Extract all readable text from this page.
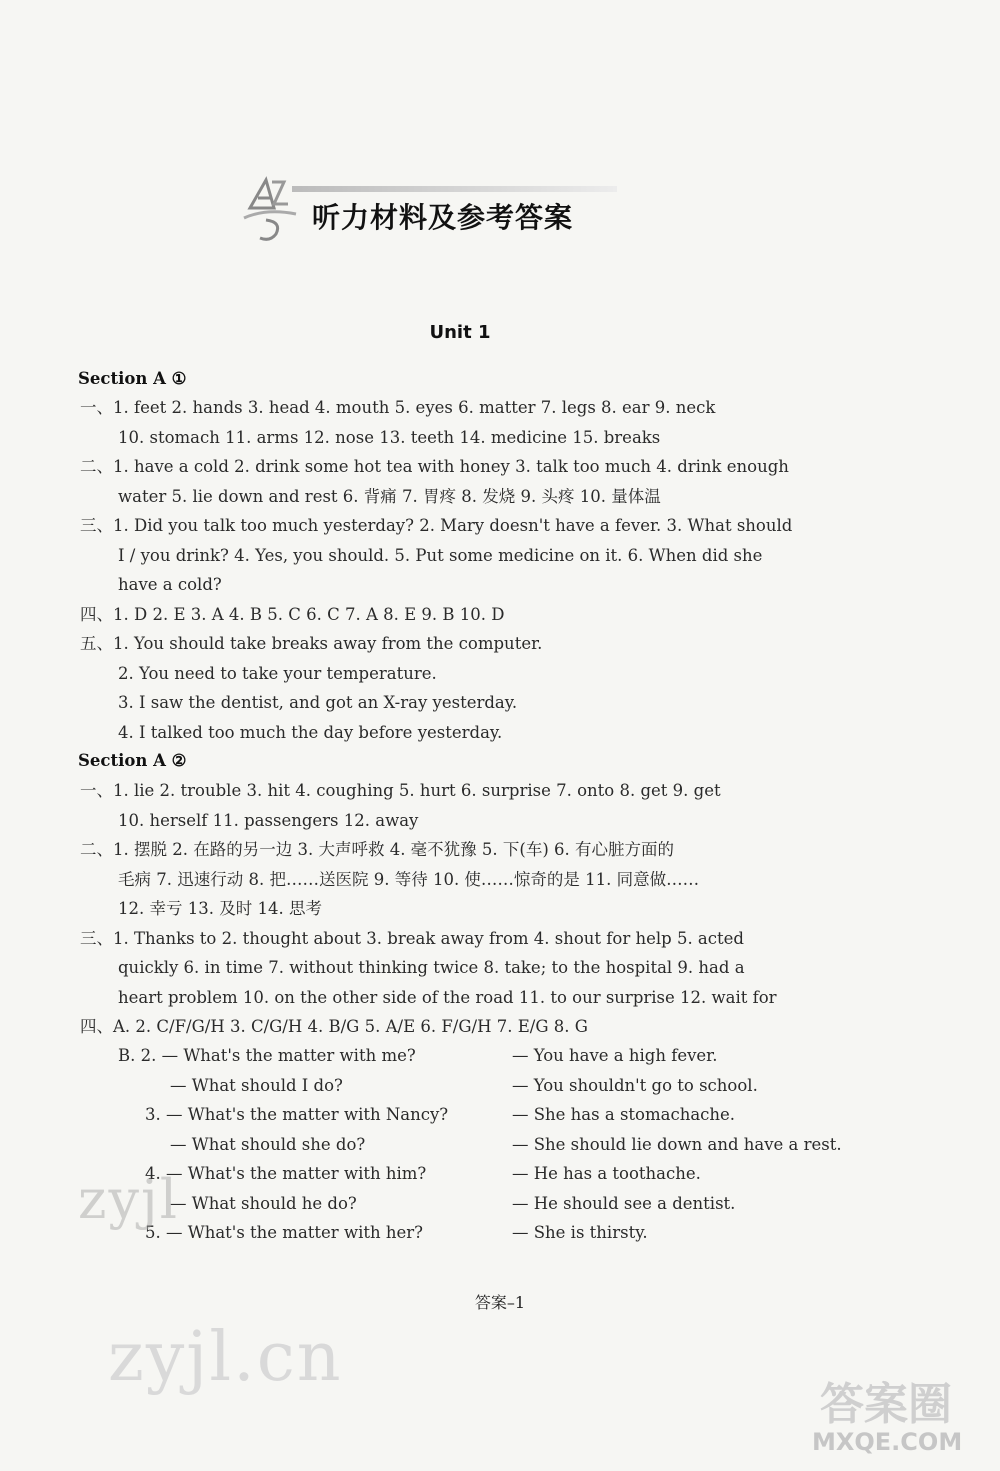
听力材料及参考答案
Unit 1
Section A ①
一、1. feet 2. hands 3. head 4. mouth 5. eyes 6. matter 7. legs 8. ear 9. neck
10. stomach 11. arms 12. nose 13. teeth 14. medicine 15. breaks
二、1. have a cold 2. drink some hot tea with honey 3. talk too much 4. drink enough
water 5. lie down and rest 6. 背痛 7. 胃疼 8. 发烧 9. 头疼 10. 量体温
三、1. Did you talk too much yesterday? 2. Mary doesn't have a fever. 3. What should
I / you drink? 4. Yes, you should. 5. Put some medicine on it. 6. When did she
have a cold?
四、1. D 2. E 3. A 4. B 5. C 6. C 7. A 8. E 9. B 10. D
五、1. You should take breaks away from the computer.
2. You need to take your temperature.
3. I saw the dentist, and got an X-ray yesterday.
4. I talked too much the day before yesterday.
Section A ②
一、1. lie 2. trouble 3. hit 4. coughing 5. hurt 6. surprise 7. onto 8. get 9. get
10. herself 11. passengers 12. away
二、1. 摆脱 2. 在路的另一边 3. 大声呼救 4. 毫不犹豫 5. 下(车) 6. 有心脏方面的
毛病 7. 迅速行动 8. 把……送医院 9. 等待 10. 使……惊奇的是 11. 同意做……
12. 幸亏 13. 及时 14. 思考
三、1. Thanks to 2. thought about 3. break away from 4. shout for help 5. acted
quickly 6. in time 7. without thinking twice 8. take; to the hospital 9. had a
heart problem 10. on the other side of the road 11. to our surprise 12. wait for
四、A. 2. C/F/G/H 3. C/G/H 4. B/G 5. A/E 6. F/G/H 7. E/G 8. G
B. 2. — What's the matter with me?	— You have a high fever.
— What should I do?	— You shouldn't go to school.
3. — What's the matter with Nancy?	— She has a stomachache.
— What should she do?	— She should lie down and have a rest.
4. — What's the matter with him?	— He has a toothache.
— What should he do?	— He should see a dentist.
5. — What's the matter with her?	— She is thirsty.
zyjl
答案–1
zyjl.cn
答案圈
MXQE.COM
